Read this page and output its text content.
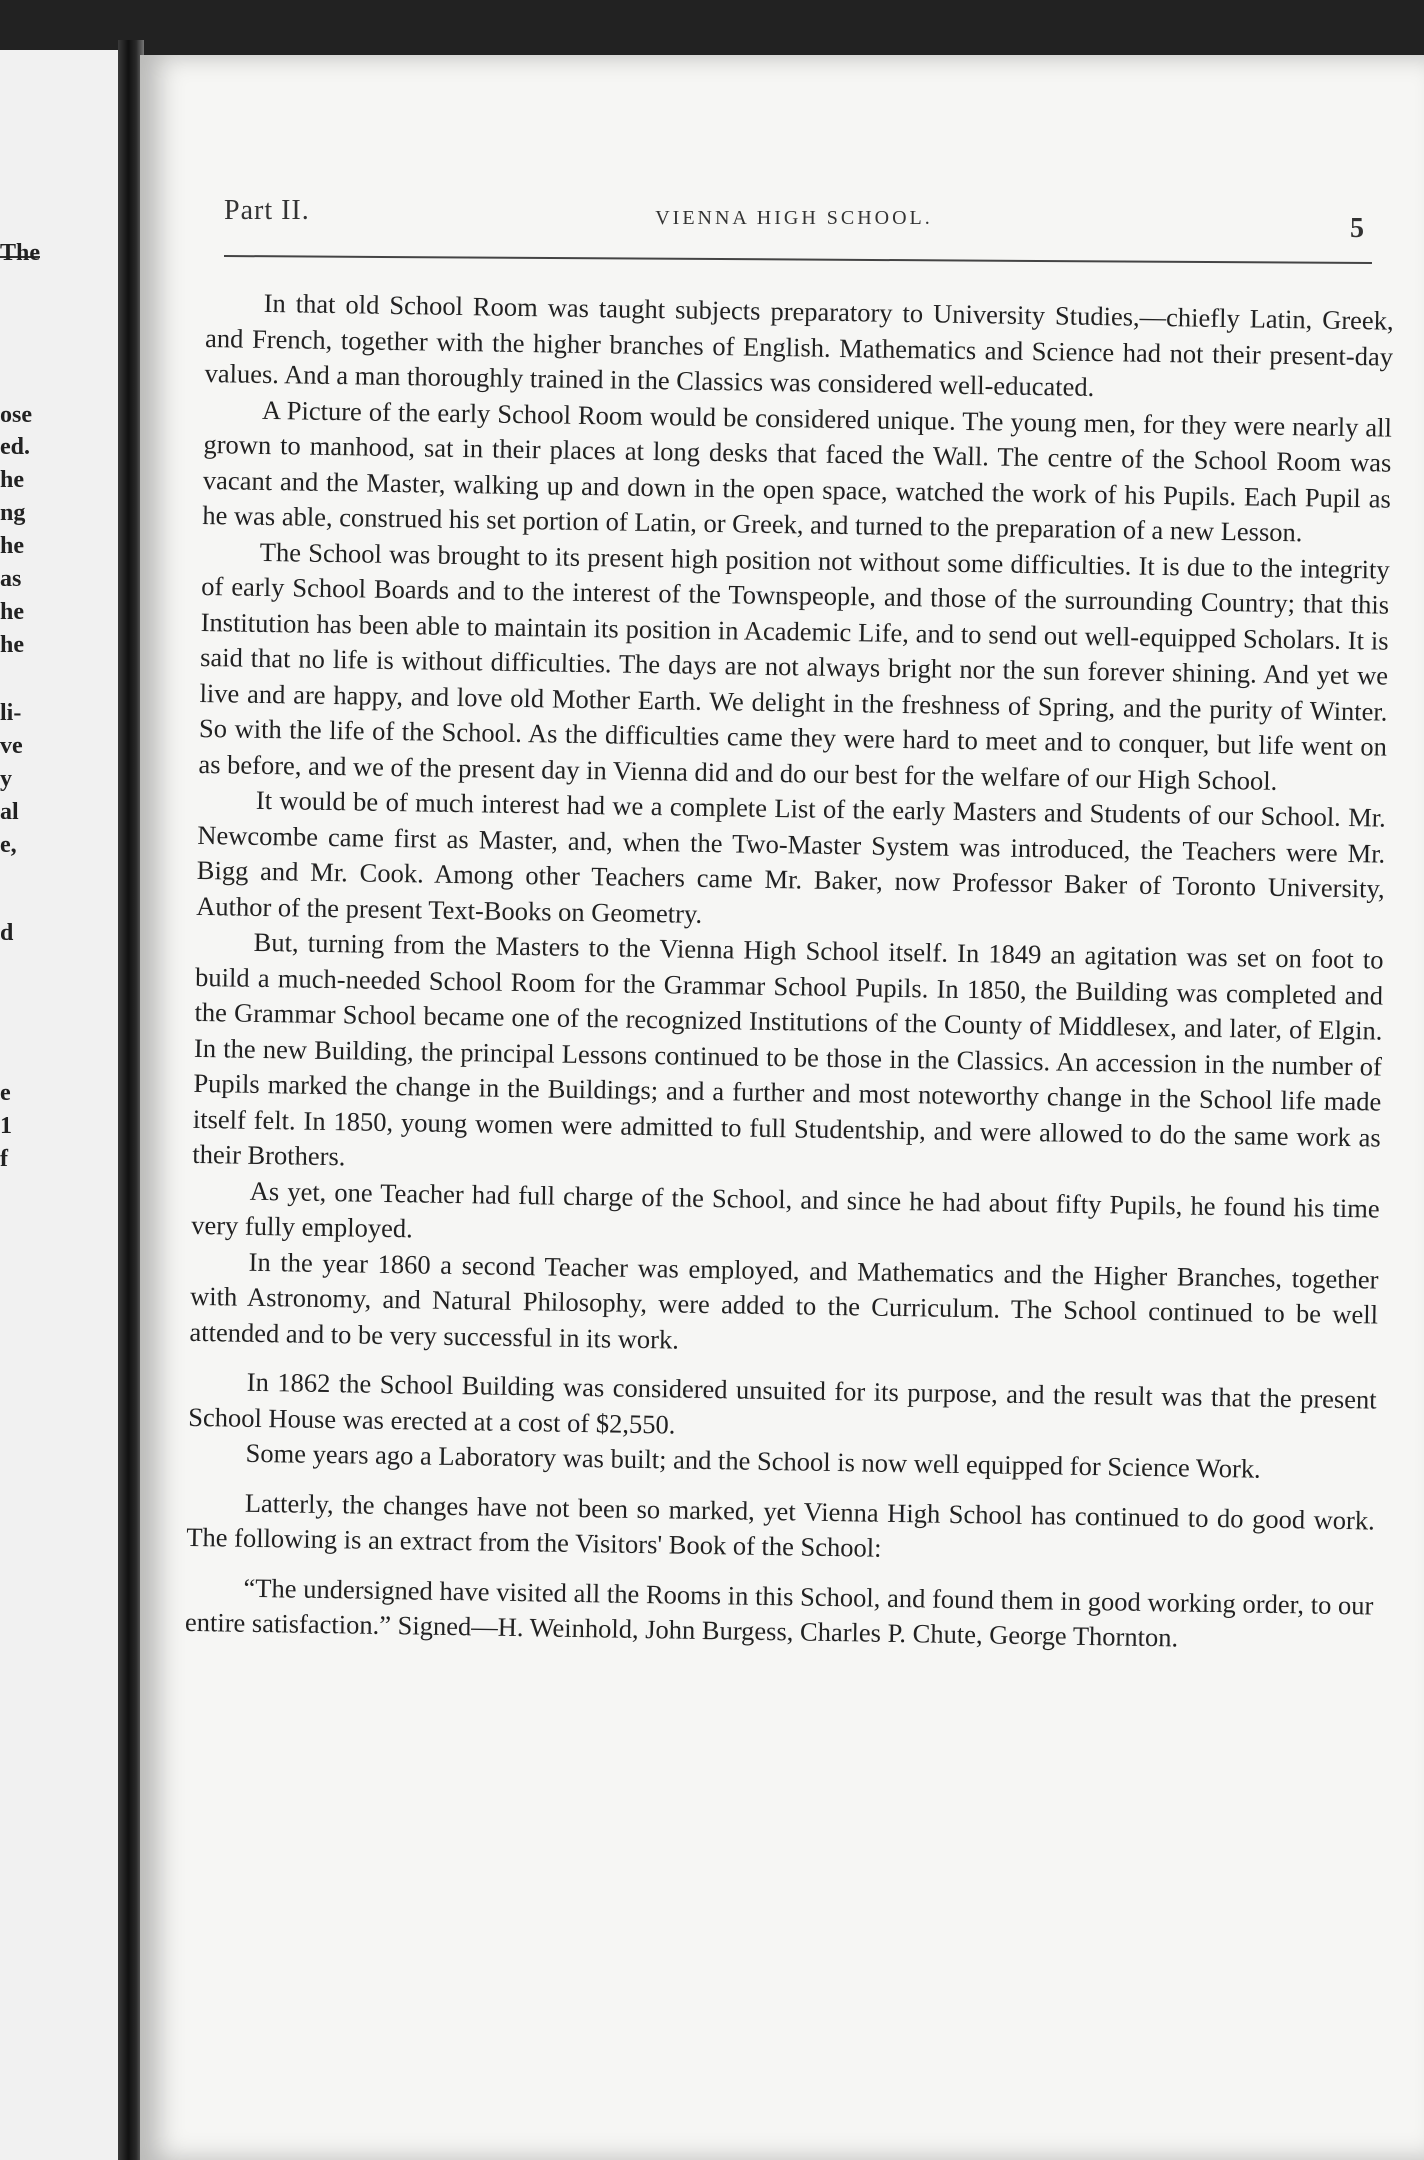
The
ose
ed.
he
ng
he
as
he
he
li-
ve
y
al
e,
d
e
1
f
Part II.	VIENNA HIGH SCHOOL.	5

In that old School Room was taught subjects preparatory to University Studies,—chiefly Latin, Greek, and French, together with the higher branches of English. Mathematics and Science had not their present-day values. And a man thoroughly trained in the Classics was considered well-educated.

A Picture of the early School Room would be considered unique. The young men, for they were nearly all grown to manhood, sat in their places at long desks that faced the Wall. The centre of the School Room was vacant and the Master, walking up and down in the open space, watched the work of his Pupils. Each Pupil as he was able, construed his set portion of Latin, or Greek, and turned to the preparation of a new Lesson.

The School was brought to its present high position not without some difficulties. It is due to the integrity of early School Boards and to the interest of the Townspeople, and those of the surrounding Country; that this Institution has been able to maintain its position in Academic Life, and to send out well-equipped Scholars. It is said that no life is without difficulties. The days are not always bright nor the sun forever shining. And yet we live and are happy, and love old Mother Earth. We delight in the freshness of Spring, and the purity of Winter. So with the life of the School. As the difficulties came they were hard to meet and to conquer, but life went on as before, and we of the present day in Vienna did and do our best for the welfare of our High School.

It would be of much interest had we a complete List of the early Masters and Students of our School. Mr. Newcombe came first as Master, and, when the Two-Master System was introduced, the Teachers were Mr. Bigg and Mr. Cook. Among other Teachers came Mr. Baker, now Professor Baker of Toronto University, Author of the present Text-Books on Geometry.

But, turning from the Masters to the Vienna High School itself. In 1849 an agitation was set on foot to build a much-needed School Room for the Grammar School Pupils. In 1850, the Building was completed and the Grammar School became one of the recognized Institutions of the County of Middlesex, and later, of Elgin. In the new Building, the principal Lessons continued to be those in the Classics. An accession in the number of Pupils marked the change in the Buildings; and a further and most noteworthy change in the School life made itself felt. In 1850, young women were admitted to full Studentship, and were allowed to do the same work as their Brothers.

As yet, one Teacher had full charge of the School, and since he had about fifty Pupils, he found his time very fully employed.

In the year 1860 a second Teacher was employed, and Mathematics and the Higher Branches, together with Astronomy, and Natural Philosophy, were added to the Curriculum. The School continued to be well attended and to be very successful in its work.

In 1862 the School Building was considered unsuited for its purpose, and the result was that the present School House was erected at a cost of $2,550.

Some years ago a Laboratory was built; and the School is now well equipped for Science Work.

Latterly, the changes have not been so marked, yet Vienna High School has continued to do good work. The following is an extract from the Visitors' Book of the School:

“The undersigned have visited all the Rooms in this School, and found them in good working order, to our entire satisfaction.” Signed—H. Weinhold, John Burgess, Charles P. Chute, George Thornton.
